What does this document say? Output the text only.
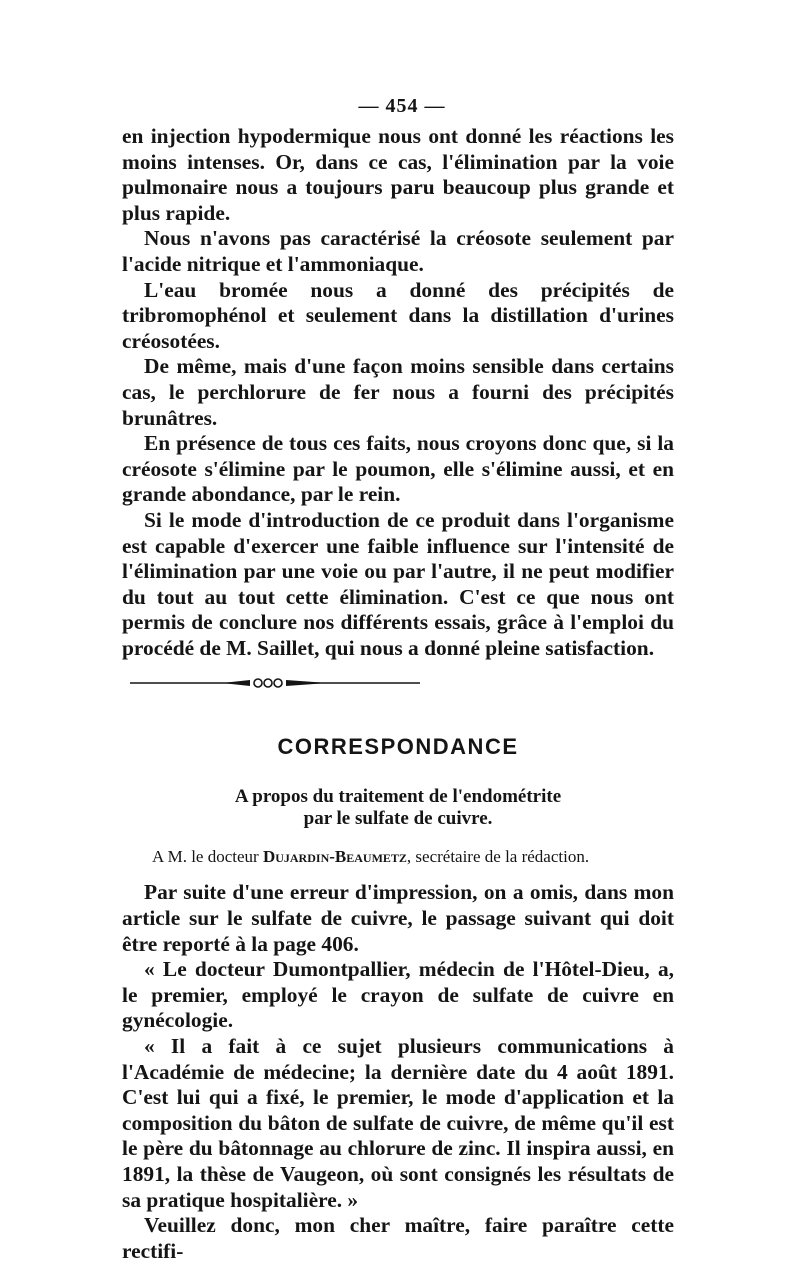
— 454 —

en injection hypodermique nous ont donné les réactions les moins intenses. Or, dans ce cas, l'élimination par la voie pulmonaire nous a toujours paru beaucoup plus grande et plus rapide.

Nous n'avons pas caractérisé la créosote seulement par l'acide nitrique et l'ammoniaque.

L'eau bromée nous a donné des précipités de tribromophénol et seulement dans la distillation d'urines créosotées.

De même, mais d'une façon moins sensible dans certains cas, le perchlorure de fer nous a fourni des précipités brunâtres.

En présence de tous ces faits, nous croyons donc que, si la créosote s'élimine par le poumon, elle s'élimine aussi, et en grande abondance, par le rein.

Si le mode d'introduction de ce produit dans l'organisme est capable d'exercer une faible influence sur l'intensité de l'élimination par une voie ou par l'autre, il ne peut modifier du tout au tout cette élimination. C'est ce que nous ont permis de conclure nos différents essais, grâce à l'emploi du procédé de M. Saillet, qui nous a donné pleine satisfaction.

CORRESPONDANCE
A propos du traitement de l'endométrite
par le sulfate de cuivre.
A M. le docteur Dujardin-Beaumetz, secrétaire de la rédaction.

Par suite d'une erreur d'impression, on a omis, dans mon article sur le sulfate de cuivre, le passage suivant qui doit être reporté à la page 406.

« Le docteur Dumontpallier, médecin de l'Hôtel-Dieu, a, le premier, employé le crayon de sulfate de cuivre en gynécologie.

« Il a fait à ce sujet plusieurs communications à l'Académie de médecine; la dernière date du 4 août 1891. C'est lui qui a fixé, le premier, le mode d'application et la composition du bâton de sulfate de cuivre, de même qu'il est le père du bâtonnage au chlorure de zinc. Il inspira aussi, en 1891, la thèse de Vaugeon, où sont consignés les résultats de sa pratique hospitalière. »

Veuillez donc, mon cher maître, faire paraître cette rectifi-
